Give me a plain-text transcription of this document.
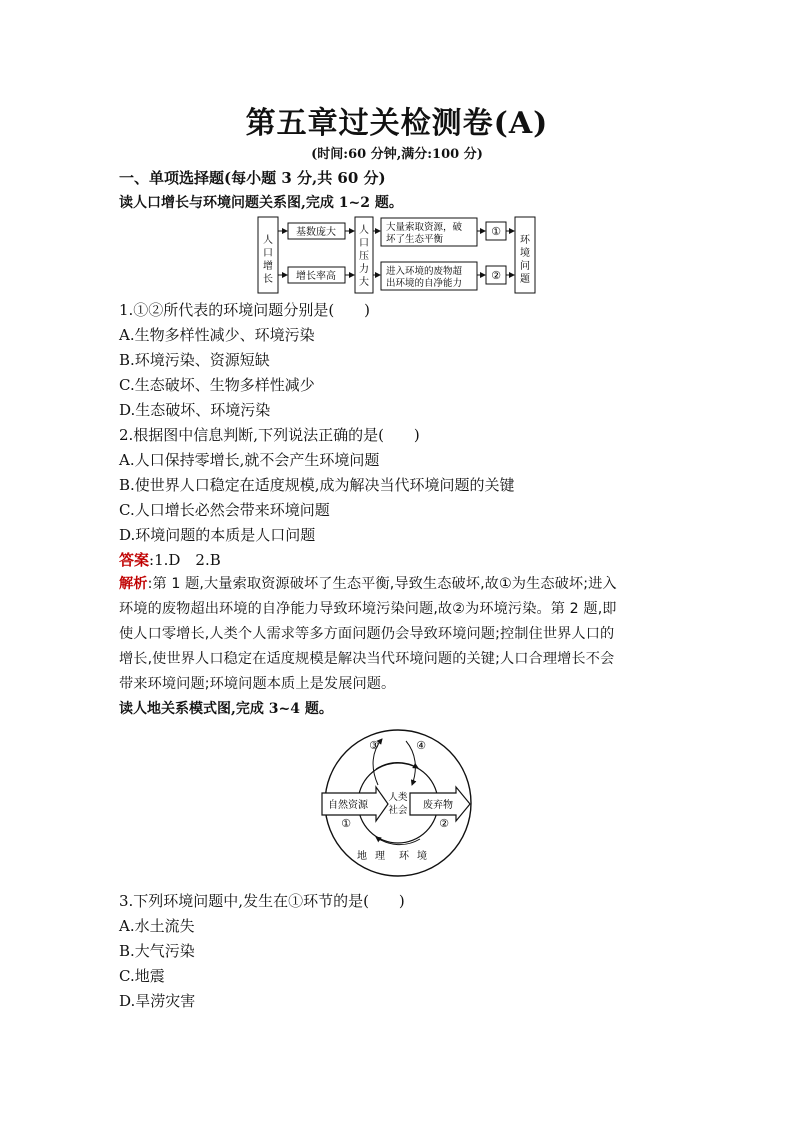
第五章过关检测卷(A)
(时间:60 分钟,满分:100 分)
一、单项选择题(每小题 3 分,共 60 分)
读人口增长与环境问题关系图,完成 1~2 题。
人
口
增
长
基数庞大
增长率高
人
口
压
力
大
大量索取资源，破
坏了生态平衡
①
进入环境的废物超
出环境的自净能力
②
环
境
问
题
1.①②所代表的环境问题分别是(　　)
A.生物多样性减少、环境污染
B.环境污染、资源短缺
C.生态破坏、生物多样性减少
D.生态破坏、环境污染
2.根据图中信息判断,下列说法正确的是(　　)
A.人口保持零增长,就不会产生环境问题
B.使世界人口稳定在适度规模,成为解决当代环境问题的关键
C.人口增长必然会带来环境问题
D.环境问题的本质是人口问题
答案:1.D　2.B
解析:第 1 题,大量索取资源破坏了生态平衡,导致生态破坏,故①为生态破坏;进入
环境的废物超出环境的自净能力导致环境污染问题,故②为环境污染。第 2 题,即
使人口零增长,人类个人需求等多方面问题仍会导致环境问题;控制住世界人口的
增长,使世界人口稳定在适度规模是解决当代环境问题的关键;人口合理增长不会
带来环境问题;环境问题本质上是发展问题。
读人地关系模式图,完成 3~4 题。
③	④
自然资源	废弃物
人类
社会
①	②
地 理 环 境
3.下列环境问题中,发生在①环节的是(　　)
A.水土流失
B.大气污染
C.地震
D.旱涝灾害
